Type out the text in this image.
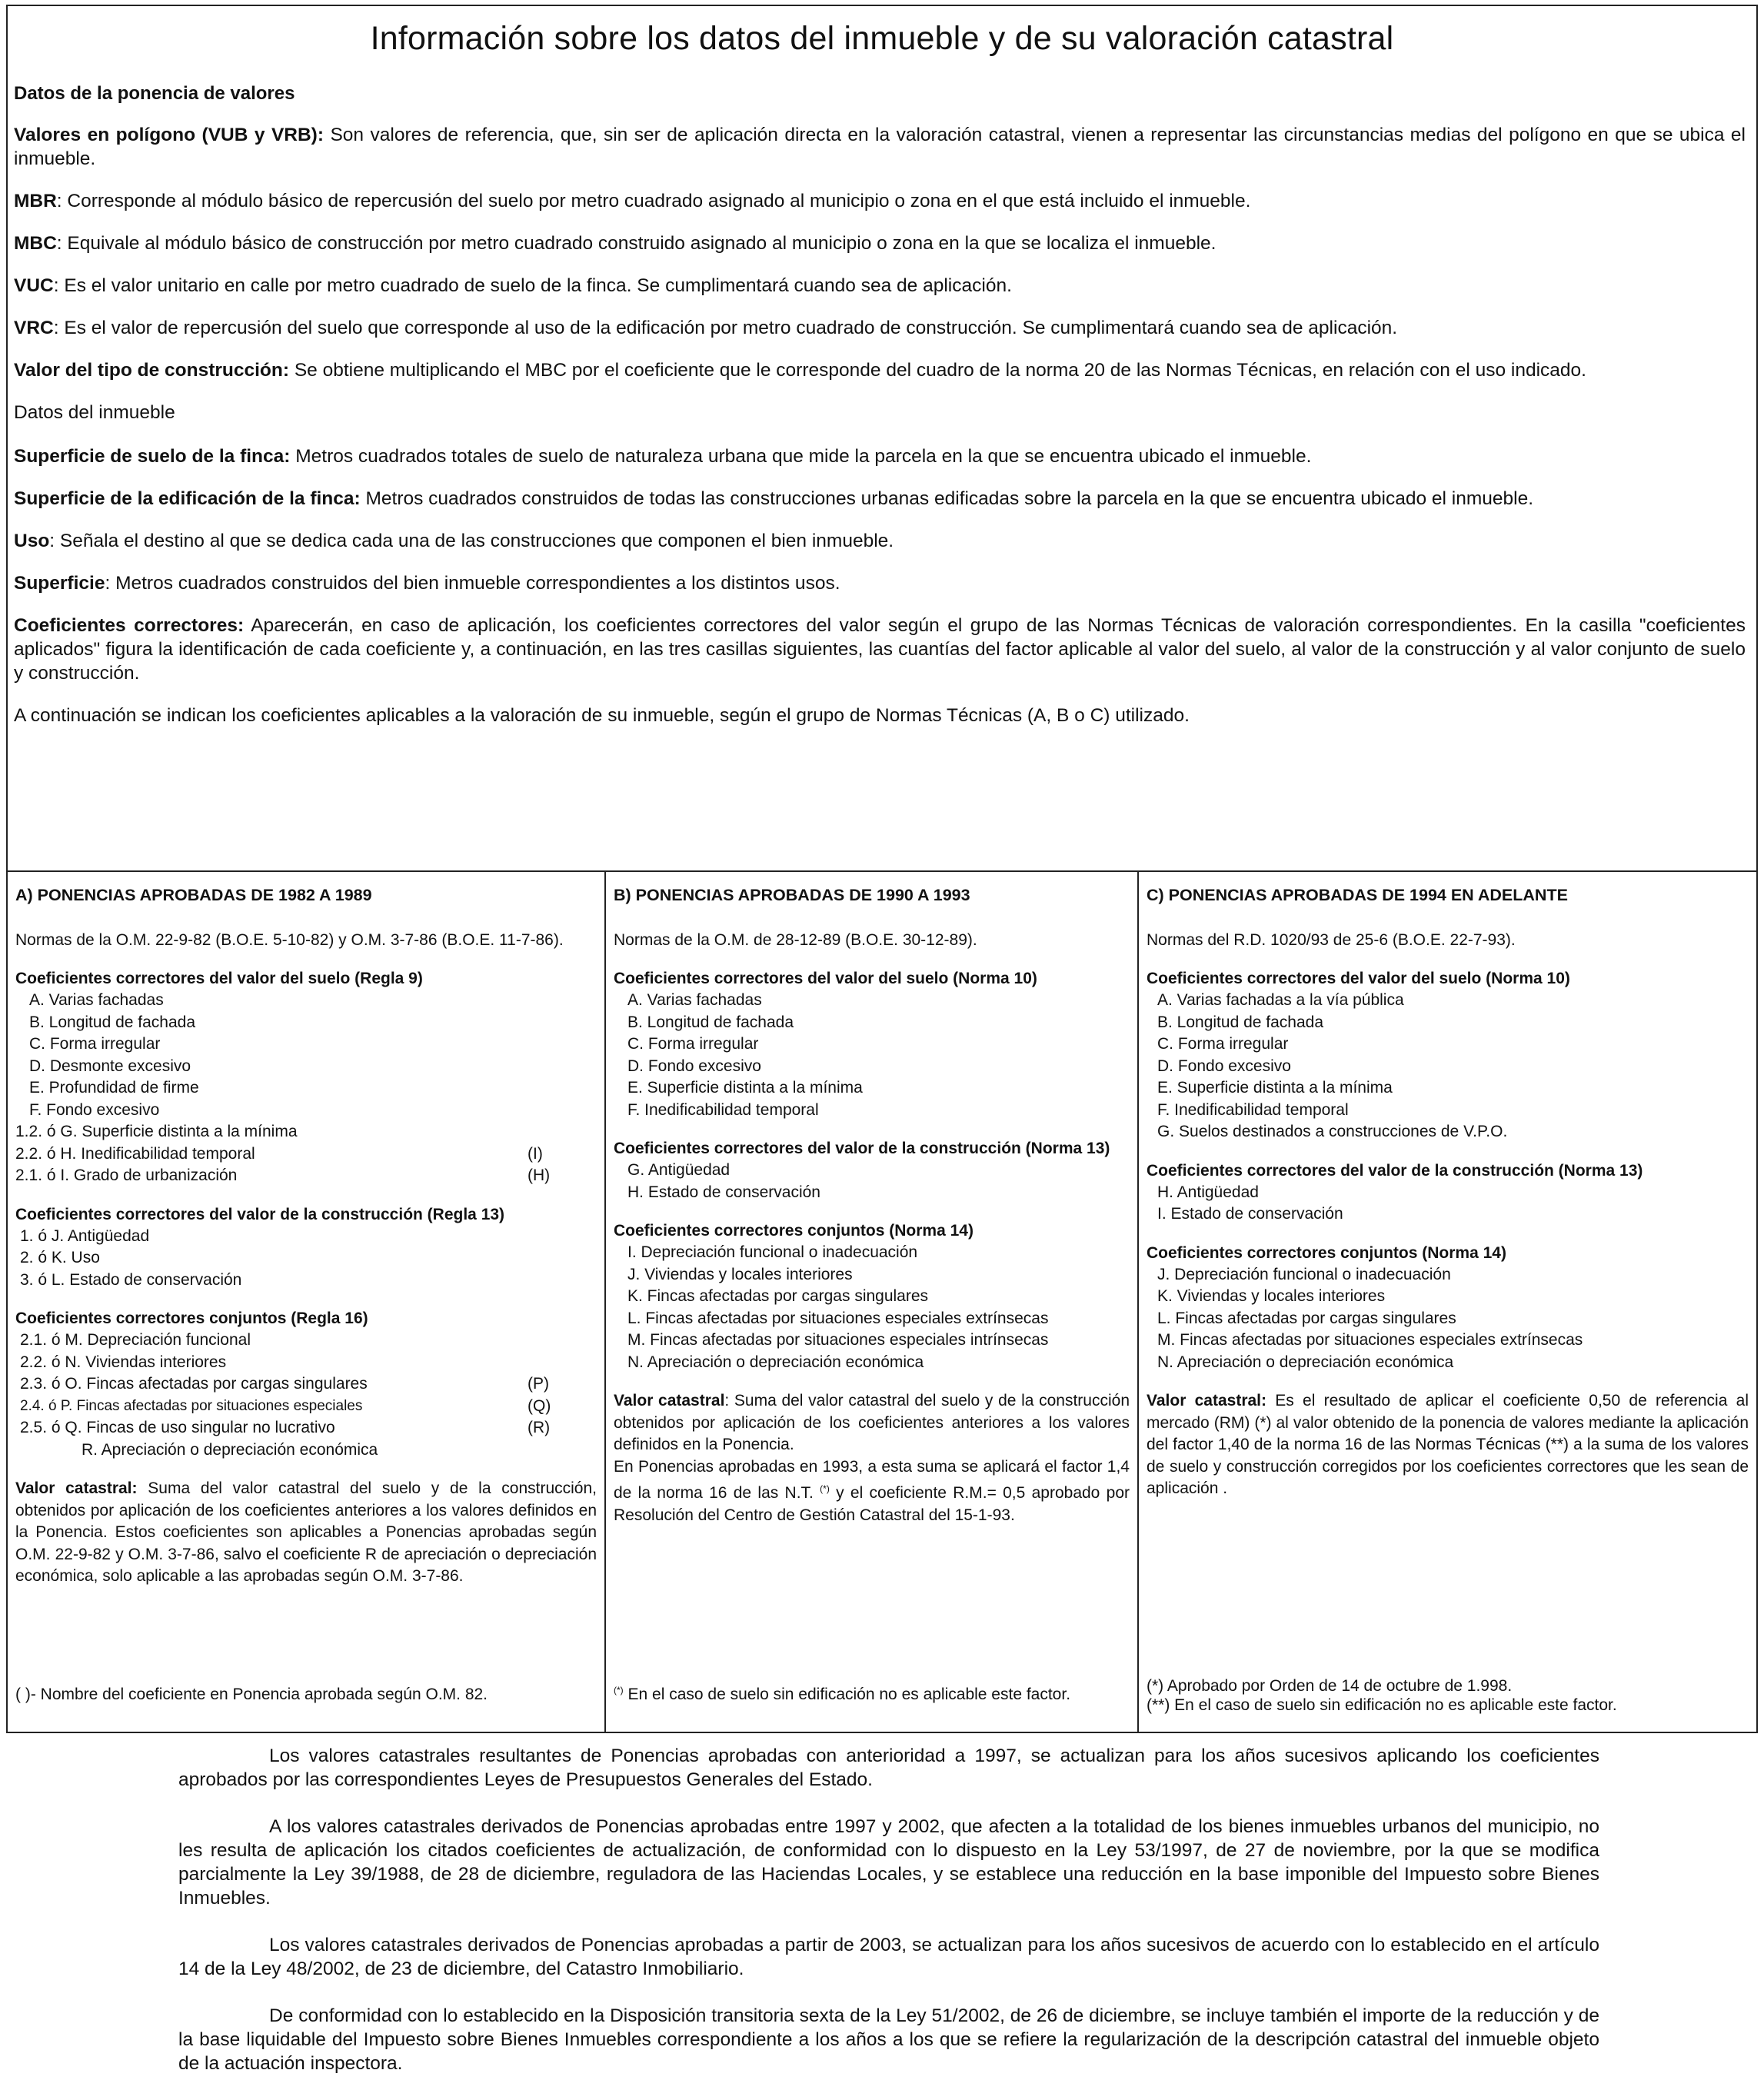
Información sobre los datos del inmueble y de su valoración catastral
Datos de la ponencia de valores

Valores en polígono (VUB y VRB): Son valores de referencia, que, sin ser de aplicación directa en la valoración catastral, vienen a representar las circunstancias medias del polígono en que se ubica el inmueble.

MBR: Corresponde al módulo básico de repercusión del suelo por metro cuadrado asignado al municipio o zona en el que está incluido el inmueble.

MBC: Equivale al módulo básico de construcción por metro cuadrado construido asignado al municipio o zona en la que se localiza el inmueble.

VUC: Es el valor unitario en calle por metro cuadrado de suelo de la finca. Se cumplimentará cuando sea de aplicación.

VRC: Es el valor de repercusión del suelo que corresponde al uso de la edificación por metro cuadrado de construcción. Se cumplimentará cuando sea de aplicación.

Valor del tipo de construcción: Se obtiene multiplicando el MBC por el coeficiente que le corresponde del cuadro de la norma 20 de las Normas Técnicas, en relación con el uso indicado.

Datos del inmueble

Superficie de suelo de la finca: Metros cuadrados totales de suelo de naturaleza urbana que mide la parcela en la que se encuentra ubicado el inmueble.

Superficie de la edificación de la finca: Metros cuadrados construidos de todas las construcciones urbanas edificadas sobre la parcela en la que se encuentra ubicado el inmueble.

Uso: Señala el destino al que se dedica cada una de las construcciones que componen el bien inmueble.

Superficie: Metros cuadrados construidos del bien inmueble correspondientes a los distintos usos.

Coeficientes correctores: Aparecerán, en caso de aplicación, los coeficientes correctores del valor según el grupo de las Normas Técnicas de valoración correspondientes. En la casilla "coeficientes aplicados" figura la identificación de cada coeficiente y, a continuación, en las tres casillas siguientes, las cuantías del factor aplicable al valor del suelo, al valor de la construcción y al valor conjunto de suelo y construcción.

A continuación se indican los coeficientes aplicables a la valoración de su inmueble, según el grupo de Normas Técnicas (A, B o C) utilizado.

A) PONENCIAS APROBADAS DE 1982 A 1989

Normas de la O.M. 22-9-82 (B.O.E. 5-10-82) y O.M. 3-7-86 (B.O.E. 11-7-86).

Coeficientes correctores del valor del suelo (Regla 9)
A. Varias fachadas
B. Longitud de fachada
C. Forma irregular
D. Desmonte excesivo
E. Profundidad de firme
F. Fondo excesivo
1.2. ó G. Superficie distinta a la mínima
2.2. ó H. Inedificabilidad temporal	(I)
2.1. ó I. Grado de urbanización	(H)
Coeficientes correctores del valor de la construcción (Regla 13)
1. ó J. Antigüedad
2. ó K. Uso
3. ó L. Estado de conservación
Coeficientes correctores conjuntos (Regla 16)
2.1. ó M. Depreciación funcional
2.2. ó N. Viviendas interiores
2.3. ó O. Fincas afectadas por cargas singulares	(P)
2.4. ó P. Fincas afectadas por situaciones especiales	(Q)
2.5. ó Q. Fincas de uso singular no lucrativo	(R)
R. Apreciación o depreciación económica

Valor catastral: Suma del valor catastral del suelo y de la construcción, obtenidos por aplicación de los coeficientes anteriores a los valores definidos en la Ponencia. Estos coeficientes son aplicables a Ponencias aprobadas según O.M. 22-9-82 y O.M. 3-7-86, salvo el coeficiente R de apreciación o depreciación económica, solo aplicable a las aprobadas según O.M. 3-7-86.

( )- Nombre del coeficiente en Ponencia aprobada según O.M. 82.

B) PONENCIAS APROBADAS DE 1990 A 1993

Normas de la O.M. de 28-12-89 (B.O.E. 30-12-89).

Coeficientes correctores del valor del suelo (Norma 10)
A. Varias fachadas
B. Longitud de fachada
C. Forma irregular
D. Fondo excesivo
E. Superficie distinta a la mínima
F. Inedificabilidad temporal
Coeficientes correctores del valor de la construcción (Norma 13)
G. Antigüedad
H. Estado de conservación
Coeficientes correctores conjuntos (Norma 14)
I. Depreciación funcional o inadecuación
J. Viviendas y locales interiores
K. Fincas afectadas por cargas singulares
L. Fincas afectadas por situaciones especiales extrínsecas
M. Fincas afectadas por situaciones especiales intrínsecas
N. Apreciación o depreciación económica

Valor catastral: Suma del valor catastral del suelo y de la construcción obtenidos por aplicación de los coeficientes anteriores a los valores definidos en la Ponencia.

En Ponencias aprobadas en 1993, a esta suma se aplicará el factor 1,4 de la norma 16 de las N.T. (*) y el coeficiente R.M.= 0,5 aprobado por Resolución del Centro de Gestión Catastral del 15-1-93.

(*) En el caso de suelo sin edificación no es aplicable este factor.

C) PONENCIAS APROBADAS DE 1994 EN ADELANTE

Normas del R.D. 1020/93 de 25-6 (B.O.E. 22-7-93).

Coeficientes correctores del valor del suelo (Norma 10)
A. Varias fachadas a la vía pública
B. Longitud de fachada
C. Forma irregular
D. Fondo excesivo
E. Superficie distinta a la mínima
F. Inedificabilidad temporal
G. Suelos destinados a construcciones de V.P.O.
Coeficientes correctores del valor de la construcción (Norma 13)
H. Antigüedad
I. Estado de conservación
Coeficientes correctores conjuntos (Norma 14)
J. Depreciación funcional o inadecuación
K. Viviendas y locales interiores
L. Fincas afectadas por cargas singulares
M. Fincas afectadas por situaciones especiales extrínsecas
N. Apreciación o depreciación económica

Valor catastral: Es el resultado de aplicar el coeficiente 0,50 de referencia al mercado (RM) (*) al valor obtenido de la ponencia de valores mediante la aplicación del factor 1,40 de la norma 16 de las Normas Técnicas (**) a la suma de los valores de suelo y construcción corregidos por los coeficientes correctores que les sean de aplicación .

(*) Aprobado por Orden de 14 de octubre de 1.998.
(**) En el caso de suelo sin edificación no es aplicable este factor.

Los valores catastrales resultantes de Ponencias aprobadas con anterioridad a 1997, se actualizan para los años sucesivos aplicando los coeficientes aprobados por las correspondientes Leyes de Presupuestos Generales del Estado.

A los valores catastrales derivados de Ponencias aprobadas entre 1997 y 2002, que afecten a la totalidad de los bienes inmuebles urbanos del municipio, no les resulta de aplicación los citados coeficientes de actualización, de conformidad con lo dispuesto en la Ley 53/1997, de 27 de noviembre, por la que se modifica parcialmente la Ley 39/1988, de 28 de diciembre, reguladora de las Haciendas Locales, y se establece una reducción en la base imponible del Impuesto sobre Bienes Inmuebles.

Los valores catastrales derivados de Ponencias aprobadas a partir de 2003, se actualizan para los años sucesivos de acuerdo con lo establecido en el artículo 14 de la Ley 48/2002, de 23 de diciembre, del Catastro Inmobiliario.

De conformidad con lo establecido en la Disposición transitoria sexta de la Ley 51/2002, de 26 de diciembre, se incluye también el importe de la reducción y de la base liquidable del Impuesto sobre Bienes Inmuebles correspondiente a los años a los que se refiere la regularización de la descripción catastral del inmueble objeto de la actuación inspectora.
